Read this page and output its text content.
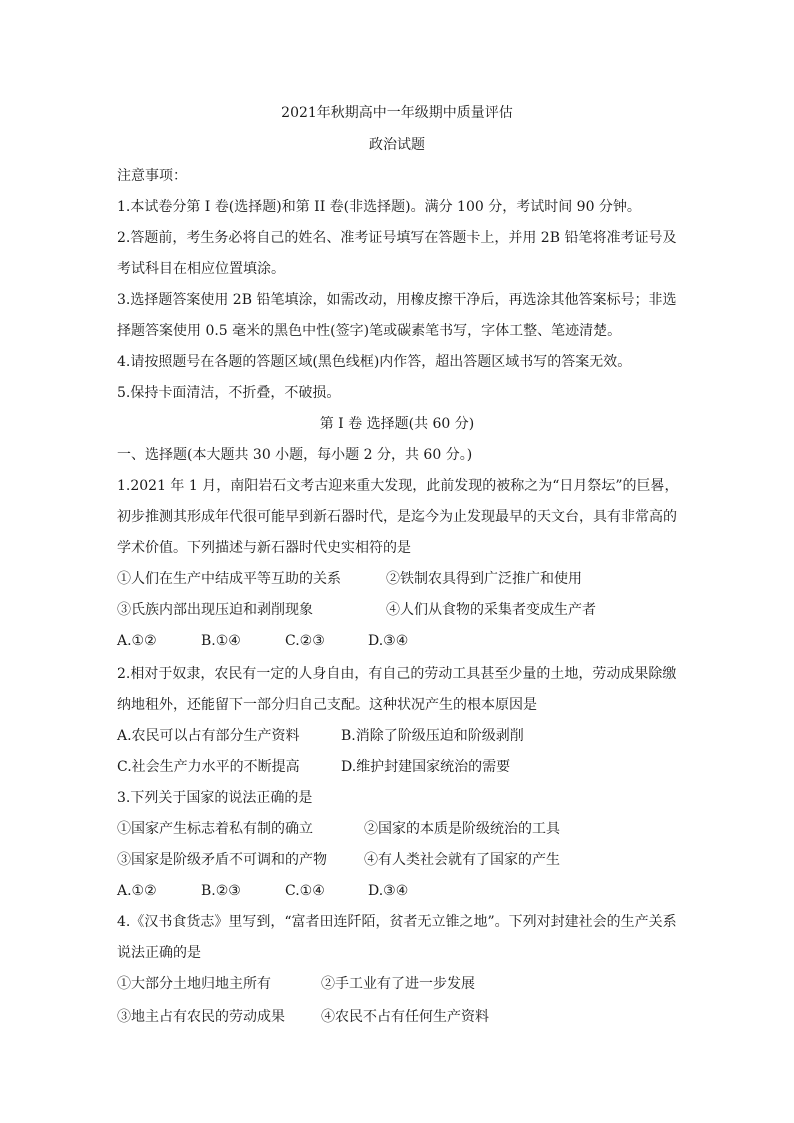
2021年秋期高中一年级期中质量评估
政治试题
注意事项：
1.本试卷分第 I 卷(选择题)和第 II 卷(非选择题)。满分 100 分，考试时间 90 分钟。
2.答题前，考生务必将自己的姓名、准考证号填写在答题卡上，并用 2B 铅笔将准考证号及
考试科目在相应位置填涂。
3.选择题答案使用 2B 铅笔填涂，如需改动，用橡皮擦干净后，再选涂其他答案标号；非选
择题答案使用 0.5 毫米的黑色中性(签字)笔或碳素笔书写，字体工整、笔迹清楚。
4.请按照题号在各题的答题区域(黑色线框)内作答，超出答题区域书写的答案无效。
5.保持卡面清洁，不折叠，不破损。
第 I 卷 选择题(共 60 分)
一、选择题(本大题共 30 小题，每小题 2 分，共 60 分。)
1.2021 年 1 月，南阳岩石文考古迎来重大发现，此前发现的被称之为“日月祭坛”的巨晷，
初步推测其形成年代很可能早到新石器时代，是迄今为止发现最早的天文台，具有非常高的
学术价值。下列描述与新石器时代史实相符的是
①人们在生产中结成平等互助的关系	②铁制农具得到广泛推广和使用
③氏族内部出现压迫和剥削现象	④人们从食物的采集者变成生产者
A.①②	B.①④	C.②③	D.③④
2.相对于奴隶，农民有一定的人身自由，有自己的劳动工具甚至少量的土地，劳动成果除缴
纳地租外，还能留下一部分归自己支配。这种状况产生的根本原因是
A.农民可以占有部分生产资料	B.消除了阶级压迫和阶级剥削
C.社会生产力水平的不断提高	D.维护封建国家统治的需要
3.下列关于国家的说法正确的是
①国家产生标志着私有制的确立	②国家的本质是阶级统治的工具
③国家是阶级矛盾不可调和的产物	④有人类社会就有了国家的产生
A.①②	B.②③	C.①④	D.③④
4.《汉书食货志》里写到，“富者田连阡陌，贫者无立锥之地”。下列对封建社会的生产关系
说法正确的是
①大部分土地归地主所有	②手工业有了进一步发展
③地主占有农民的劳动成果	④农民不占有任何生产资料
